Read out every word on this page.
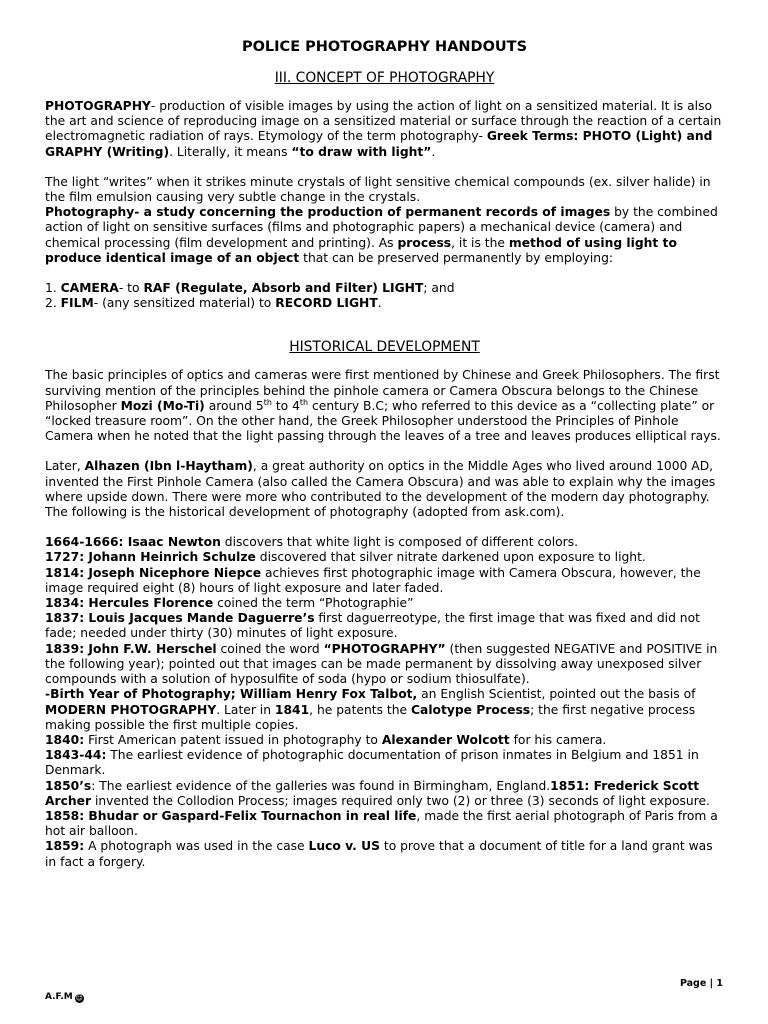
POLICE PHOTOGRAPHY HANDOUTS
III. CONCEPT OF PHOTOGRAPHY

PHOTOGRAPHY- production of visible images by using the action of light on a sensitized material. It is also the art and science of reproducing image on a sensitized material or surface through the reaction of a certain electromagnetic radiation of rays. Etymology of the term photography- Greek Terms: PHOTO (Light) and GRAPHY (Writing). Literally, it means “to draw with light”.

The light “writes” when it strikes minute crystals of light sensitive chemical compounds (ex. silver halide) in the film emulsion causing very subtle change in the crystals.

Photography- a study concerning the production of permanent records of images by the combined action of light on sensitive surfaces (films and photographic papers) a mechanical device (camera) and chemical processing (film development and printing). As process, it is the method of using light to produce identical image of an object that can be preserved permanently by employing:

1. CAMERA- to RAF (Regulate, Absorb and Filter) LIGHT; and
2. FILM- (any sensitized material) to RECORD LIGHT.
HISTORICAL DEVELOPMENT

The basic principles of optics and cameras were first mentioned by Chinese and Greek Philosophers. The first surviving mention of the principles behind the pinhole camera or Camera Obscura belongs to the Chinese Philosopher Mozi (Mo-Ti) around 5th to 4th century B.C; who referred to this device as a “collecting plate” or “locked treasure room”. On the other hand, the Greek Philosopher understood the Principles of Pinhole Camera when he noted that the light passing through the leaves of a tree and leaves produces elliptical rays.

Later, Alhazen (Ibn l-Haytham), a great authority on optics in the Middle Ages who lived around 1000 AD, invented the First Pinhole Camera (also called the Camera Obscura) and was able to explain why the images where upside down. There were more who contributed to the development of the modern day photography. The following is the historical development of photography (adopted from ask.com).

1664-1666: Isaac Newton discovers that white light is composed of different colors.
1727: Johann Heinrich Schulze discovered that silver nitrate darkened upon exposure to light.
1814: Joseph Nicephore Niepce achieves first photographic image with Camera Obscura, however, the image required eight (8) hours of light exposure and later faded.
1834: Hercules Florence coined the term “Photographie”
1837: Louis Jacques Mande Daguerre’s first daguerreotype, the first image that was fixed and did not fade; needed under thirty (30) minutes of light exposure.
1839: John F.W. Herschel coined the word “PHOTOGRAPHY” (then suggested NEGATIVE and POSITIVE in the following year); pointed out that images can be made permanent by dissolving away unexposed silver compounds with a solution of hyposulfite of soda (hypo or sodium thiosulfate).
-Birth Year of Photography; William Henry Fox Talbot, an English Scientist, pointed out the basis of MODERN PHOTOGRAPHY. Later in 1841, he patents the Calotype Process; the first negative process making possible the first multiple copies.
1840: First American patent issued in photography to Alexander Wolcott for his camera.
1843-44: The earliest evidence of photographic documentation of prison inmates in Belgium and 1851 in Denmark.
1850’s: The earliest evidence of the galleries was found in Birmingham, England.1851: Frederick Scott Archer invented the Collodion Process; images required only two (2) or three (3) seconds of light exposure.
1858: Bhudar or Gaspard-Felix Tournachon in real life, made the first aerial photograph of Paris from a hot air balloon.
1859: A photograph was used in the case Luco v. US to prove that a document of title for a land grant was in fact a forgery.
Page | 1
A.F.M ☺
